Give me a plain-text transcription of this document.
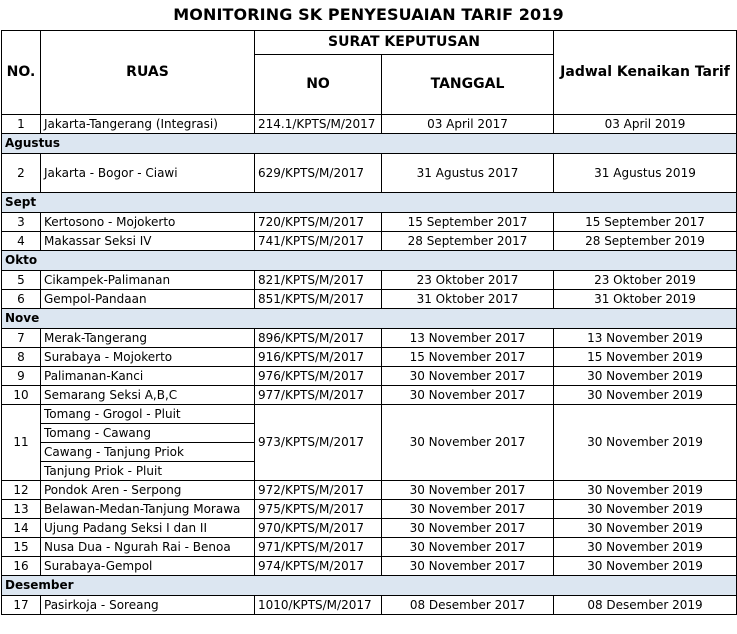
MONITORING SK PENYESUAIAN TARIF 2019
NO.	RUAS	SURAT KEPUTUSAN		Jadwal Kenaikan Tarif
		NO	TANGGAL	
1	Jakarta-Tangerang (Integrasi)	214.1/KPTS/M/2017	03 April 2017	03 April 2019
Agustus				
2	Jakarta - Bogor - Ciawi	629/KPTS/M/2017	31 Agustus 2017	31 Agustus 2019
Sept				
3	Kertosono - Mojokerto	720/KPTS/M/2017	15 September 2017	15 September 2017
4	Makassar Seksi IV	741/KPTS/M/2017	28 September 2017	28 September 2019
Okto				
5	Cikampek-Palimanan	821/KPTS/M/2017	23 Oktober 2017	23 Oktober 2019
6	Gempol-Pandaan	851/KPTS/M/2017	31 Oktober 2017	31 Oktober 2019
Nove				
7	Merak-Tangerang	896/KPTS/M/2017	13 November 2017	13 November 2019
8	Surabaya - Mojokerto	916/KPTS/M/2017	15 November 2017	15 November 2019
9	Palimanan-Kanci	976/KPTS/M/2017	30 November 2017	30 November 2019
10	Semarang Seksi A,B,C	977/KPTS/M/2017	30 November 2017	30 November 2019
11	Tomang - Grogol - Pluit	973/KPTS/M/2017	30 November 2017	30 November 2019
	Tomang - Cawang			
	Cawang - Tanjung Priok			
	Tanjung Priok - Pluit			
12	Pondok Aren - Serpong	972/KPTS/M/2017	30 November 2017	30 November 2019
13	Belawan-Medan-Tanjung Morawa	975/KPTS/M/2017	30 November 2017	30 November 2019
14	Ujung Padang Seksi I dan II	970/KPTS/M/2017	30 November 2017	30 November 2019
15	Nusa Dua - Ngurah Rai - Benoa	971/KPTS/M/2017	30 November 2017	30 November 2019
16	Surabaya-Gempol	974/KPTS/M/2017	30 November 2017	30 November 2019
Desember				
17	Pasirkoja - Soreang	1010/KPTS/M/2017	08 Desember 2017	08 Desember 2019
